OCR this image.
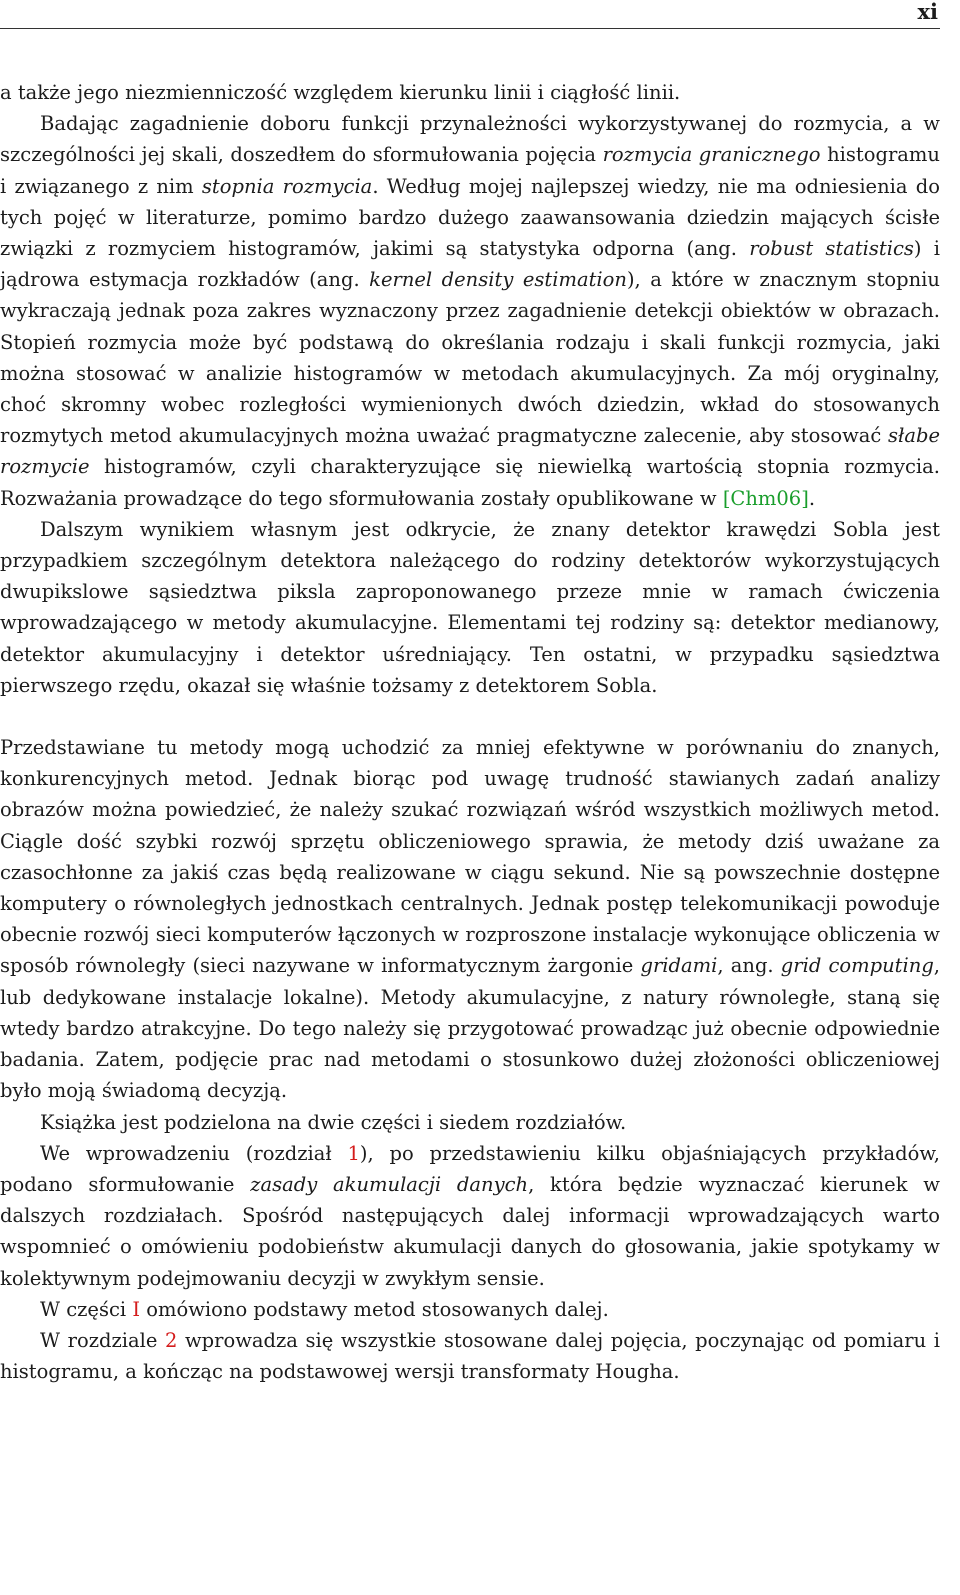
xi

a także jego niezmienniczość względem kierunku linii i ciągłość linii.

Badając zagadnienie doboru funkcji przynależności wykorzystywanej do rozmycia, a w szczególności jej skali, doszedłem do sformułowania pojęcia rozmycia granicznego histogramu i związanego z nim stopnia rozmycia. Według mojej najlepszej wiedzy, nie ma odniesienia do tych pojęć w literaturze, pomimo bardzo dużego zaawansowania dziedzin mających ścisłe związki z rozmyciem histogramów, jakimi są statystyka odporna (ang. robust statistics) i jądrowa estymacja rozkładów (ang. kernel density estimation), a które w znacznym stopniu wykraczają jednak poza zakres wyznaczony przez zagadnienie detekcji obiektów w obrazach. Stopień rozmycia może być podstawą do określania rodzaju i skali funkcji rozmycia, jaki można stosować w analizie histogramów w metodach akumulacyjnych. Za mój oryginalny, choć skromny wobec rozległości wymienionych dwóch dziedzin, wkład do stosowanych rozmytych metod akumulacyjnych można uważać pragmatyczne zalecenie, aby stosować słabe rozmycie histogramów, czyli charakteryzujące się niewielką wartością stopnia rozmycia. Rozważania prowadzące do tego sformułowania zostały opublikowane w [Chm06].

Dalszym wynikiem własnym jest odkrycie, że znany detektor krawędzi Sobla jest przypadkiem szczególnym detektora należącego do rodziny detektorów wykorzystujących dwupikslowe sąsiedztwa piksla zaproponowanego przeze mnie w ramach ćwiczenia wprowadzającego w metody akumulacyjne. Elementami tej rodziny są: detektor medianowy, detektor akumulacyjny i detektor uśredniający. Ten ostatni, w przypadku sąsiedztwa pierwszego rzędu, okazał się właśnie tożsamy z detektorem Sobla.

Przedstawiane tu metody mogą uchodzić za mniej efektywne w porównaniu do znanych, konkurencyjnych metod. Jednak biorąc pod uwagę trudność stawianych zadań analizy obrazów można powiedzieć, że należy szukać rozwiązań wśród wszystkich możliwych metod. Ciągle dość szybki rozwój sprzętu obliczeniowego sprawia, że metody dziś uważane za czasochłonne za jakiś czas będą realizowane w ciągu sekund. Nie są powszechnie dostępne komputery o równoległych jednostkach centralnych. Jednak postęp telekomunikacji powoduje obecnie rozwój sieci komputerów łączonych w rozproszone instalacje wykonujące obliczenia w sposób równoległy (sieci nazywane w informatycznym żargonie gridami, ang. grid computing, lub dedykowane instalacje lokalne). Metody akumulacyjne, z natury równoległe, staną się wtedy bardzo atrakcyjne. Do tego należy się przygotować prowadząc już obecnie odpowiednie badania. Zatem, podjęcie prac nad metodami o stosunkowo dużej złożoności obliczeniowej było moją świadomą decyzją.

Książka jest podzielona na dwie części i siedem rozdziałów.

We wprowadzeniu (rozdział 1), po przedstawieniu kilku objaśniających przykładów, podano sformułowanie zasady akumulacji danych, która będzie wyznaczać kierunek w dalszych rozdziałach. Spośród następujących dalej informacji wprowadzających warto wspomnieć o omówieniu podobieństw akumulacji danych do głosowania, jakie spotykamy w kolektywnym podejmowaniu decyzji w zwykłym sensie.

W części I omówiono podstawy metod stosowanych dalej.

W rozdziale 2 wprowadza się wszystkie stosowane dalej pojęcia, poczynając od pomiaru i histogramu, a kończąc na podstawowej wersji transformaty Hougha.
